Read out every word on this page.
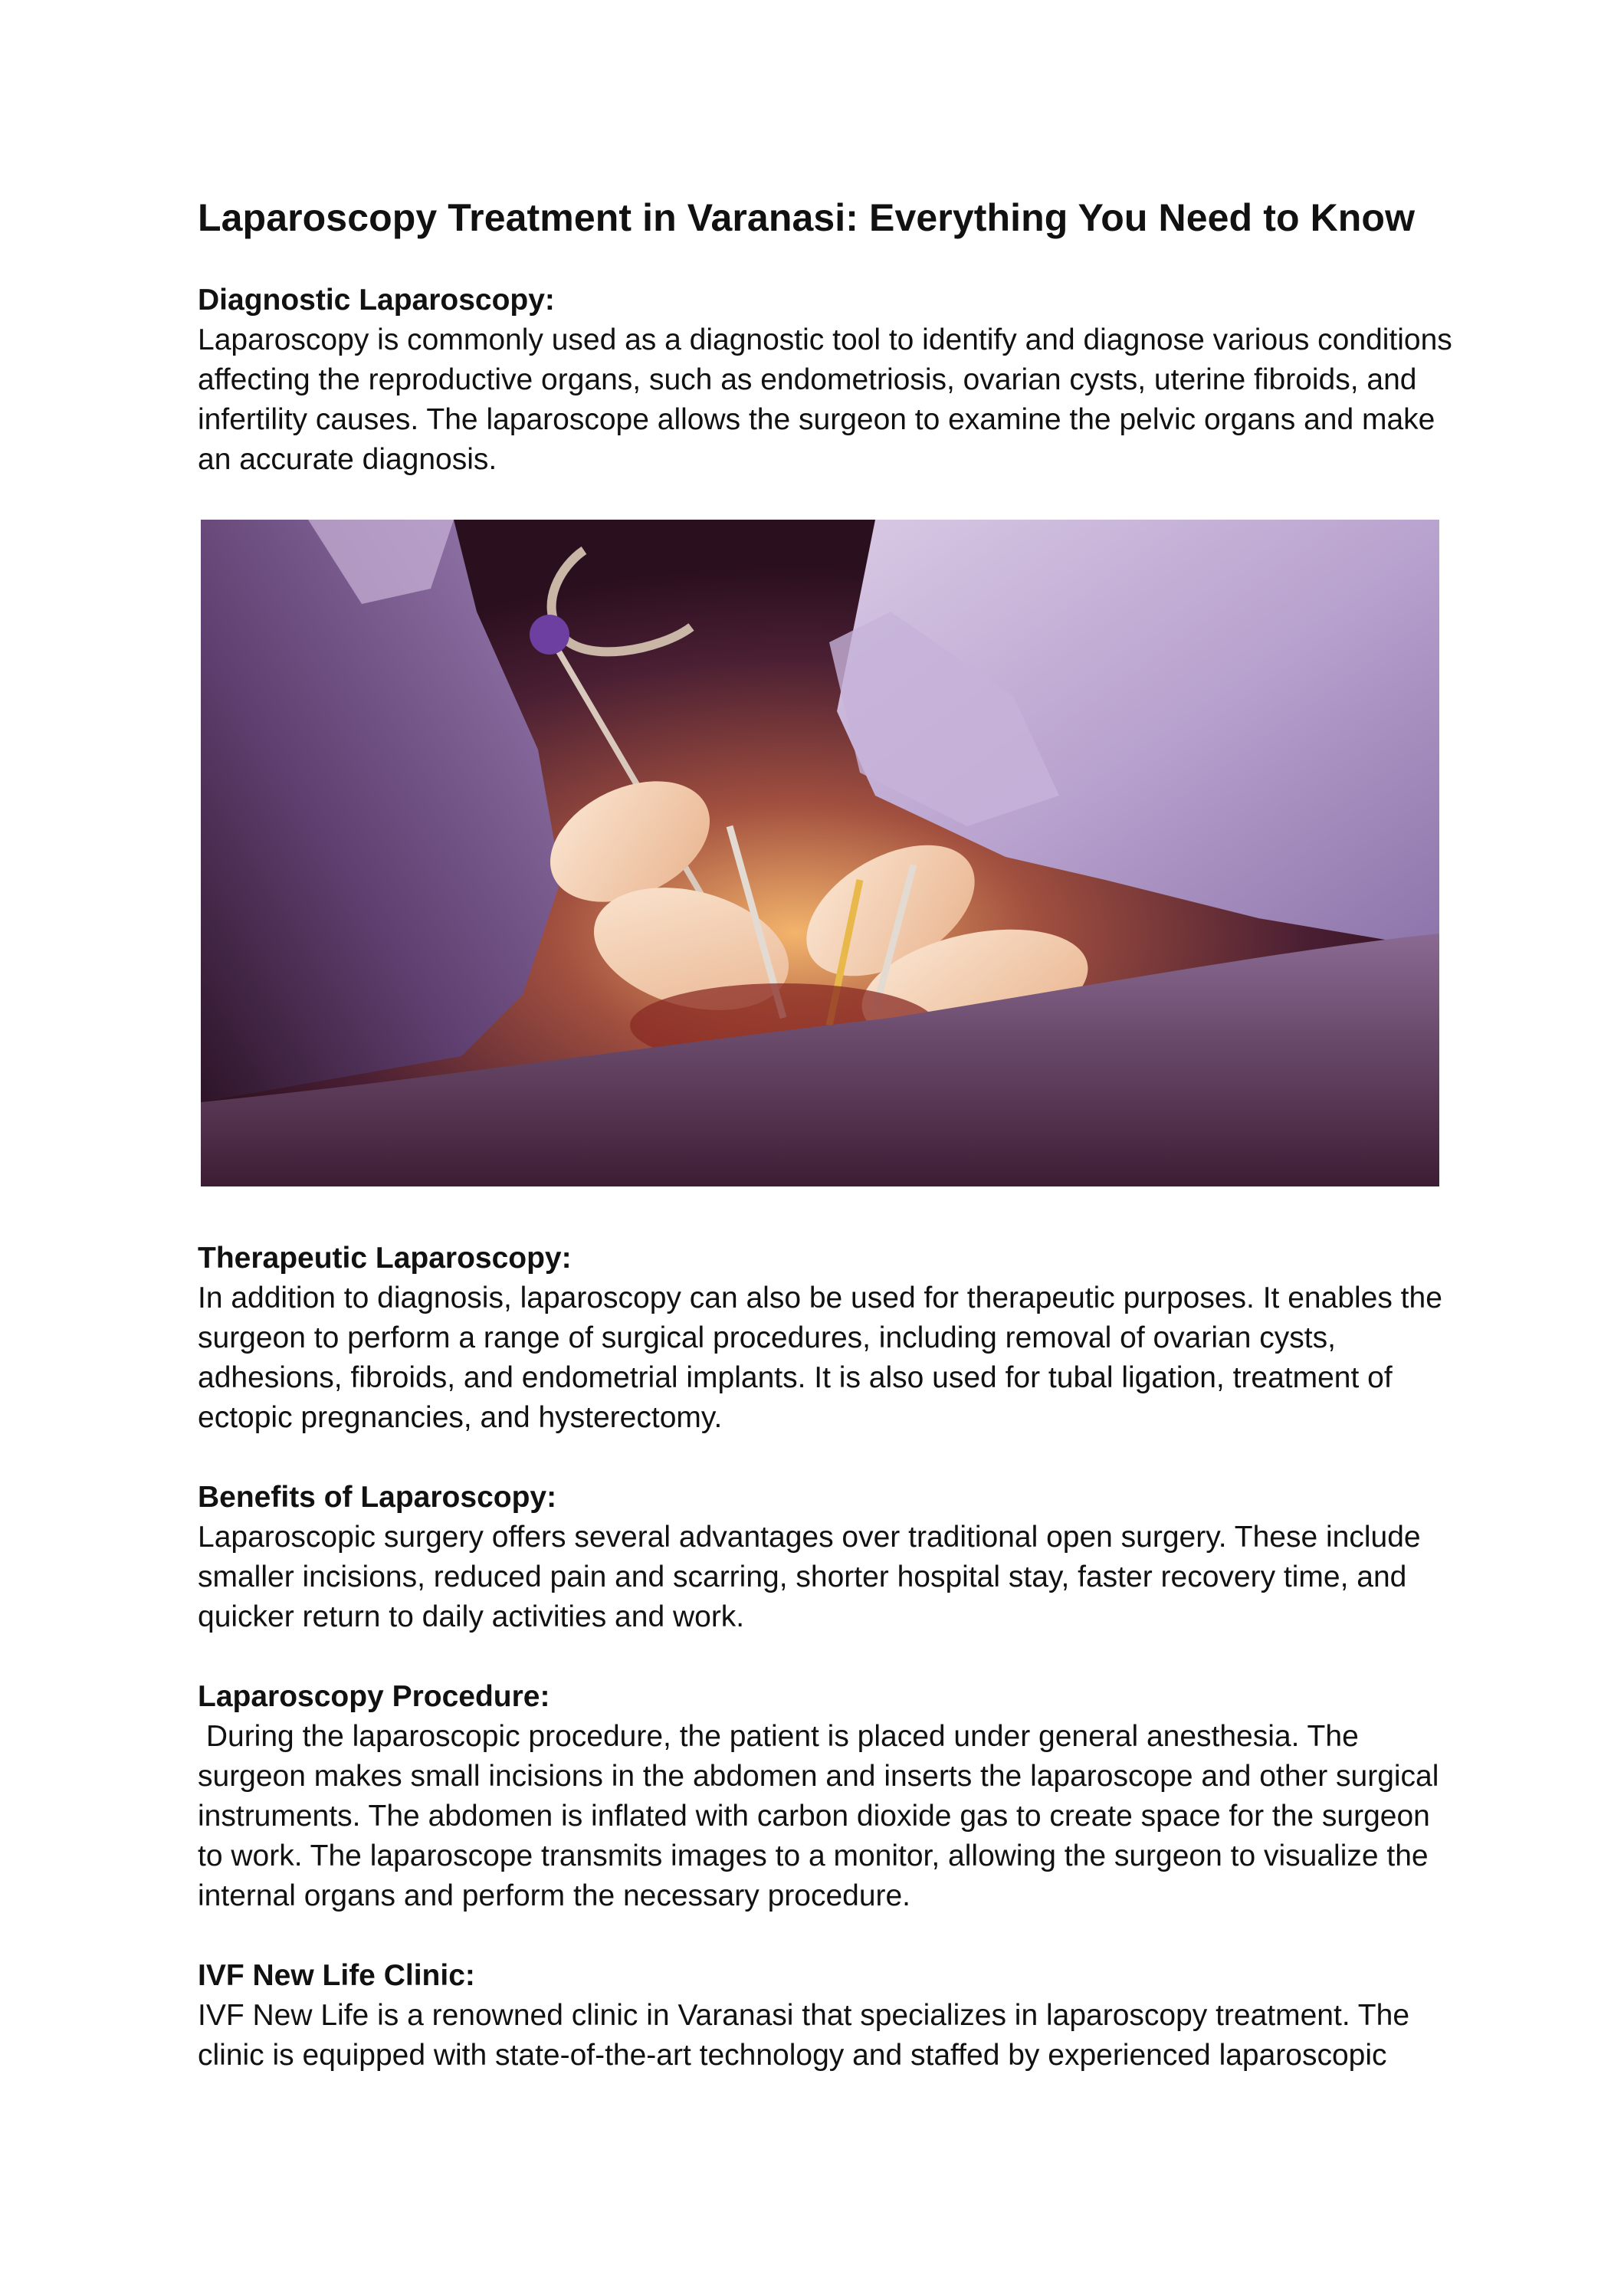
Laparoscopy Treatment in Varanasi: Everything You Need to Know

Diagnostic Laparoscopy:

Laparoscopy is commonly used as a diagnostic tool to identify and diagnose various conditions affecting the reproductive organs, such as endometriosis, ovarian cysts, uterine fibroids, and infertility causes. The laparoscope allows the surgeon to examine the pelvic organs and make an accurate diagnosis.

Therapeutic Laparoscopy:

In addition to diagnosis, laparoscopy can also be used for therapeutic purposes. It enables the surgeon to perform a range of surgical procedures, including removal of ovarian cysts, adhesions, fibroids, and endometrial implants. It is also used for tubal ligation, treatment of ectopic pregnancies, and hysterectomy.

Benefits of Laparoscopy:

Laparoscopic surgery offers several advantages over traditional open surgery. These include smaller incisions, reduced pain and scarring, shorter hospital stay, faster recovery time, and quicker return to daily activities and work.

Laparoscopy Procedure:

During the laparoscopic procedure, the patient is placed under general anesthesia. The surgeon makes small incisions in the abdomen and inserts the laparoscope and other surgical instruments. The abdomen is inflated with carbon dioxide gas to create space for the surgeon to work. The laparoscope transmits images to a monitor, allowing the surgeon to visualize the internal organs and perform the necessary procedure.

IVF New Life Clinic:

IVF New Life is a renowned clinic in Varanasi that specializes in laparoscopy treatment. The clinic is equipped with state-of-the-art technology and staffed by experienced laparoscopic
